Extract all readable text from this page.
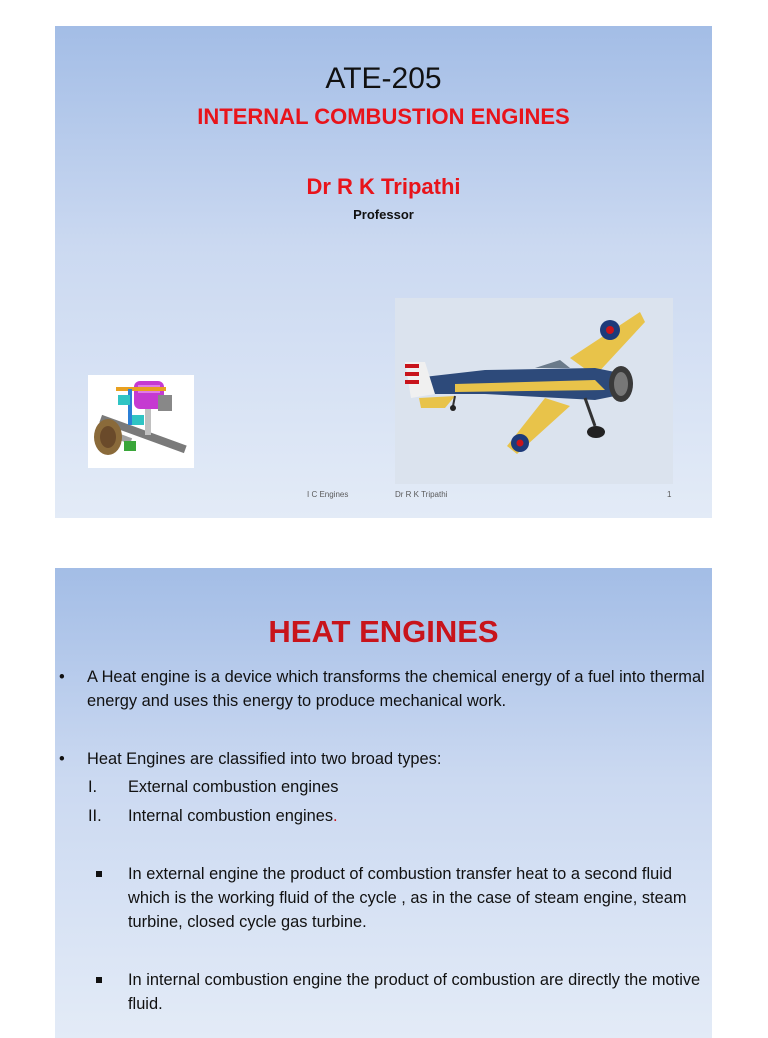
ATE-205
INTERNAL COMBUSTION ENGINES
Dr R K Tripathi
Professor
I C Engines	Dr R K Tripathi	1
HEAT ENGINES
• A Heat engine is a device which transforms the chemical energy of a fuel into thermal energy and uses this energy to produce mechanical work.
• Heat Engines are classified into two broad types:
I. External combustion engines
II. Internal combustion engines.
In external engine the product of combustion transfer heat to a second fluid which is the working fluid of the cycle , as in the case of steam engine, steam turbine, closed cycle gas turbine.
In internal combustion engine the product of combustion are directly the motive fluid.
